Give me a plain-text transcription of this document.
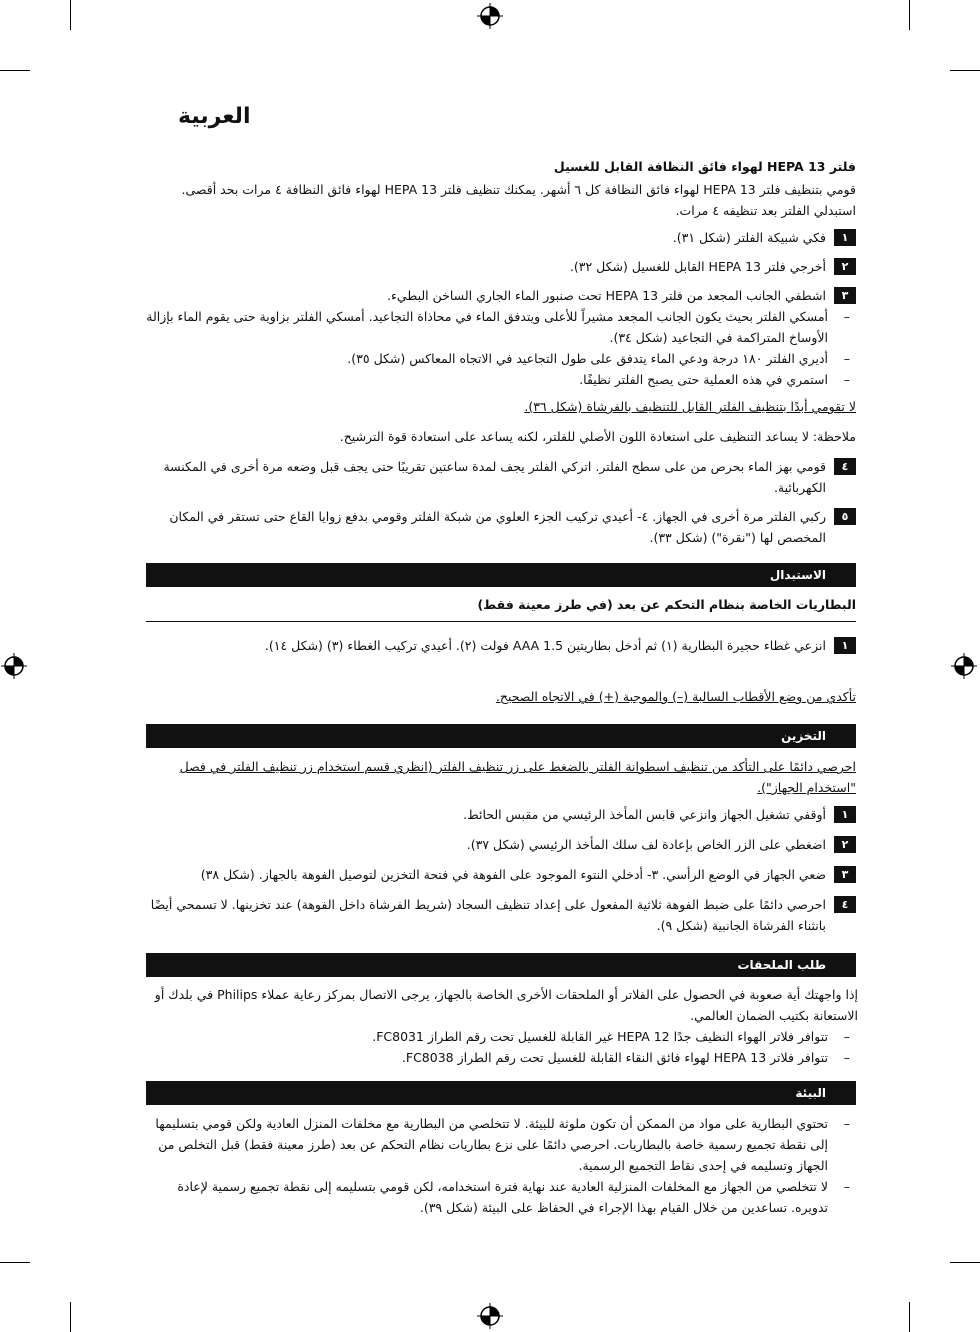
العربية

فلتر HEPA 13 لهواء فائق النظافة القابل للغسيل

قومي بتنظيف فلتر HEPA 13 لهواء فائق النظافة كل ٦ أشهر. يمكنك تنظيف فلتر HEPA 13 لهواء فائق النظافة ٤ مرات بحد أقصى. استبدلي الفلتر بعد تنظيفه ٤ مرات.

١
فكي شبيكة الفلتر (شكل ٣١).

٢
أخرجي فلتر HEPA 13 القابل للغسيل (شكل ٣٢).

٣
اشطفي الجانب المجعد من فلتر HEPA 13 تحت صنبور الماء الجاري الساخن البطيء.

– أمسكي الفلتر بحيث يكون الجانب المجعد مشيراً للأعلى ويتدفق الماء في محاذاة التجاعيد. أمسكي الفلتر بزاوية حتى يقوم الماء بإزالة الأوساخ المتراكمة في التجاعيد (شكل ٣٤).

– أديري الفلتر ١٨٠ درجة ودعي الماء يتدفق على طول التجاعيد في الاتجاه المعاكس (شكل ٣٥).

– استمري في هذه العملية حتى يصبح الفلتر نظيفًا.

لا تقومي أبدًا بتنظيف الفلتر القابل للتنظيف بالفرشاة (شكل ٣٦).

ملاحظة: لا يساعد التنظيف على استعادة اللون الأصلي للفلتر، لكنه يساعد على استعادة قوة الترشيح.

٤
قومي بهز الماء بحرص من على سطح الفلتر. اتركي الفلتر يجف لمدة ساعتين تقريبًا حتى يجف قبل وضعه مرة أخرى في المكنسة الكهربائية.

٥
ركبي الفلتر مرة أخرى في الجهاز. ٤- أعيدي تركيب الجزء العلوي من شبكة الفلتر وقومي بدفع زوايا القاع حتى تستقر في المكان المخصص لها ("نقرة") (شكل ٣٣).

الاستبدال

البطاريات الخاصة بنظام التحكم عن بعد (في طرز معينة فقط)

١
انزعي غطاء حجيرة البطارية (١) ثم أدخل بطاريتين AAA 1.5 فولت (٢). أعيدي تركيب الغطاء (٣) (شكل ١٤).

تأكدي من وضع الأقطاب السالبة (–) والموجبة (+) في الاتجاه الصحيح.

التخزين

احرصي دائمًا على التأكد من تنظيف اسطوانة الفلتر بالضغط على زر تنظيف الفلتر (انظري قسم استخدام زر تنظيف الفلتر في فصل "استخدام الجهاز").

١
أوقفي تشغيل الجهاز وانزعي قابس المأخذ الرئيسي من مقبس الحائط.

٢
اضغطي على الزر الخاص بإعادة لف سلك المأخذ الرئيسي (شكل ٣٧).

٣
ضعي الجهاز في الوضع الرأسي. ٣- أدخلي النتوء الموجود على الفوهة في فتحة التخزين لتوصيل الفوهة بالجهاز. (شكل ٣٨)

٤
احرصي دائمًا على ضبط الفوهة ثلاثية المفعول على إعداد تنظيف السجاد (شريط الفرشاة داخل الفوهة) عند تخزينها. لا تسمحي أيضًا بانثناء الفرشاة الجانبية (شكل ٩).

طلب الملحقات

إذا واجهتك أية صعوبة في الحصول على الفلاتر أو الملحقات الأخرى الخاصة بالجهاز، يرجى الاتصال بمركز رعاية عملاء Philips في بلدك أو الاستعانة بكتيب الضمان العالمي.

– تتوافر فلاتر الهواء النظيف جدًا HEPA 12 غير القابلة للغسيل تحت رقم الطراز FC8031.

– تتوافر فلاتر HEPA 13 لهواء فائق النقاء القابلة للغسيل تحت رقم الطراز FC8038.

البيئة

– تحتوي البطارية على مواد من الممكن أن تكون ملوثة للبيئة. لا تتخلصي من البطارية مع مخلفات المنزل العادية ولكن قومي بتسليمها إلى نقطة تجميع رسمية خاصة بالبطاريات. احرصي دائمًا على نزع بطاريات نظام التحكم عن بعد (طرز معينة فقط) قبل التخلص من الجهاز وتسليمه في إحدى نقاط التجميع الرسمية.

– لا تتخلصي من الجهاز مع المخلفات المنزلية العادية عند نهاية فترة استخدامه، لكن قومي بتسليمه إلى نقطة تجميع رسمية لإعادة تدويره. تساعدين من خلال القيام بهذا الإجراء في الحفاظ على البيئة (شكل ٣٩).
